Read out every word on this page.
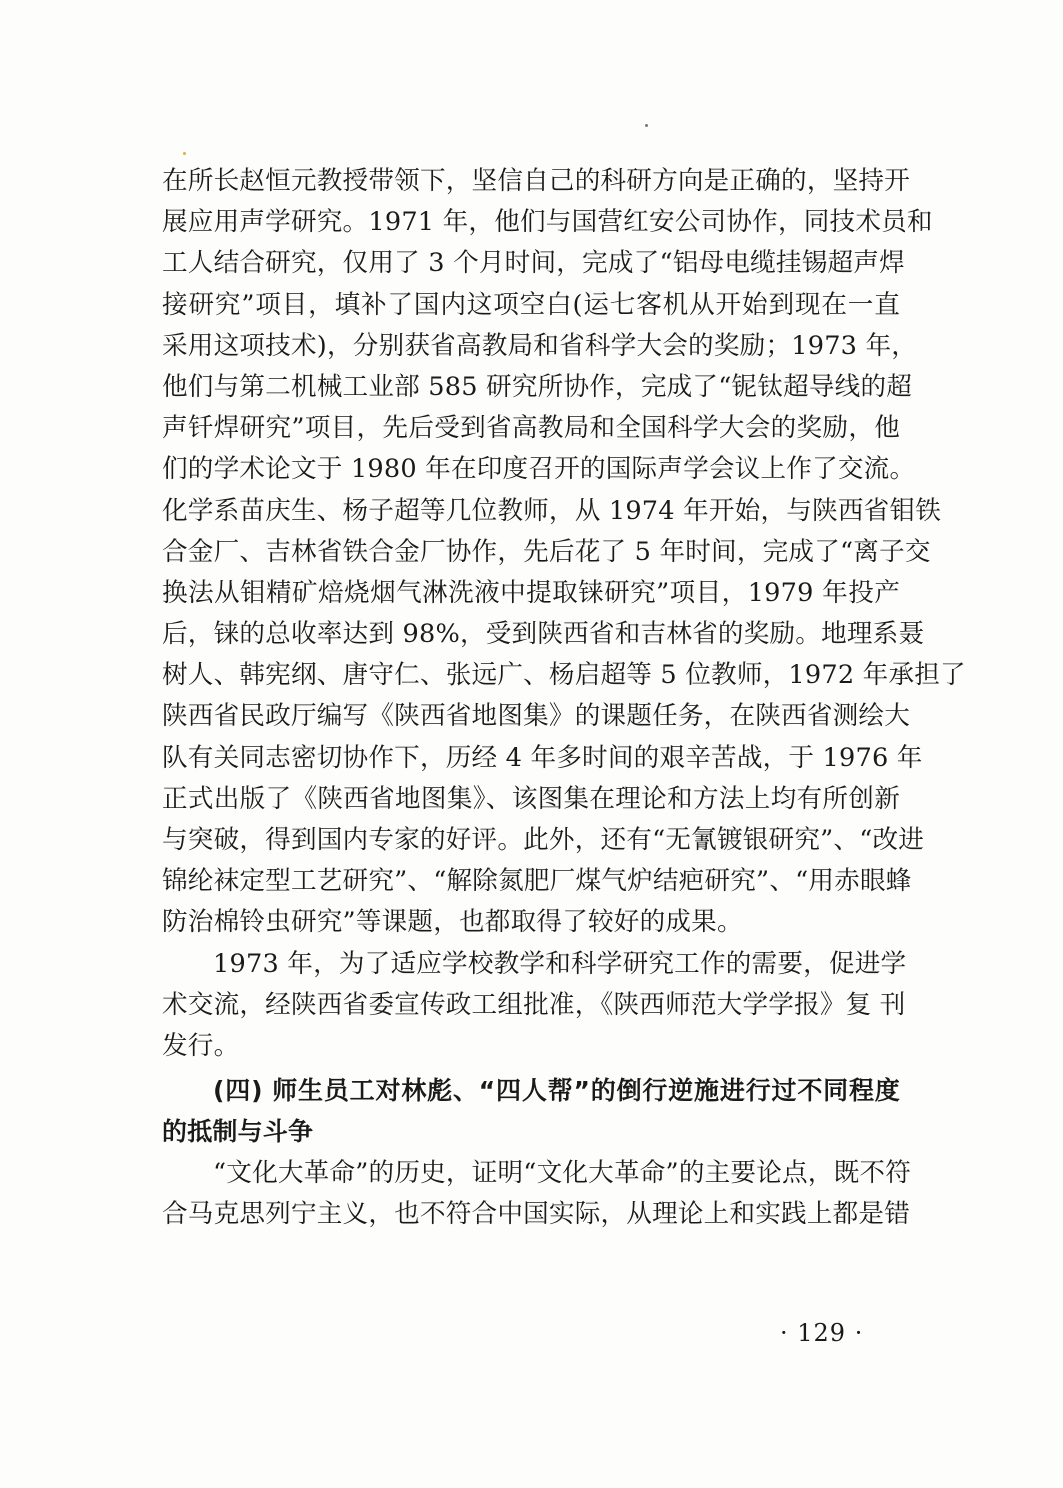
在所长赵恒元教授带领下，坚信自己的科研方向是正确的，坚持开
展应用声学研究。1971 年，他们与国营红安公司协作，同技术员和
工人结合研究，仅用了 3 个月时间，完成了“铝母电缆挂锡超声焊
接研究”项目，填补了国内这项空白(运七客机从开始到现在一直
采用这项技术)，分别获省高教局和省科学大会的奖励；1973 年，
他们与第二机械工业部 585 研究所协作，完成了“铌钛超导线的超
声钎焊研究”项目，先后受到省高教局和全国科学大会的奖励，他
们的学术论文于 1980 年在印度召开的国际声学会议上作了交流。
化学系苗庆生、杨子超等几位教师，从 1974 年开始，与陕西省钼铁
合金厂、吉林省铁合金厂协作，先后花了 5 年时间，完成了“离子交
换法从钼精矿焙烧烟气淋洗液中提取铼研究”项目，1979 年投产
后，铼的总收率达到 98%，受到陕西省和吉林省的奖励。地理系聂
树人、韩宪纲、唐守仁、张远广、杨启超等 5 位教师，1972 年承担了
陕西省民政厅编写《陕西省地图集》的课题任务，在陕西省测绘大
队有关同志密切协作下，历经 4 年多时间的艰辛苦战，于 1976 年
正式出版了《陕西省地图集》、该图集在理论和方法上均有所创新
与突破，得到国内专家的好评。此外，还有“无氰镀银研究”、“改进
锦纶袜定型工艺研究”、“解除氮肥厂煤气炉结疤研究”、“用赤眼蜂
防治棉铃虫研究”等课题，也都取得了较好的成果。
1973 年，为了适应学校教学和科学研究工作的需要，促进学
术交流，经陕西省委宣传政工组批准，《陕西师范大学学报》复 刊
发行。
(四) 师生员工对林彪、“四人帮”的倒行逆施进行过不同程度
的抵制与斗争
“文化大革命”的历史，证明“文化大革命”的主要论点，既不符
合马克思列宁主义，也不符合中国实际，从理论上和实践上都是错
· 129 ·
